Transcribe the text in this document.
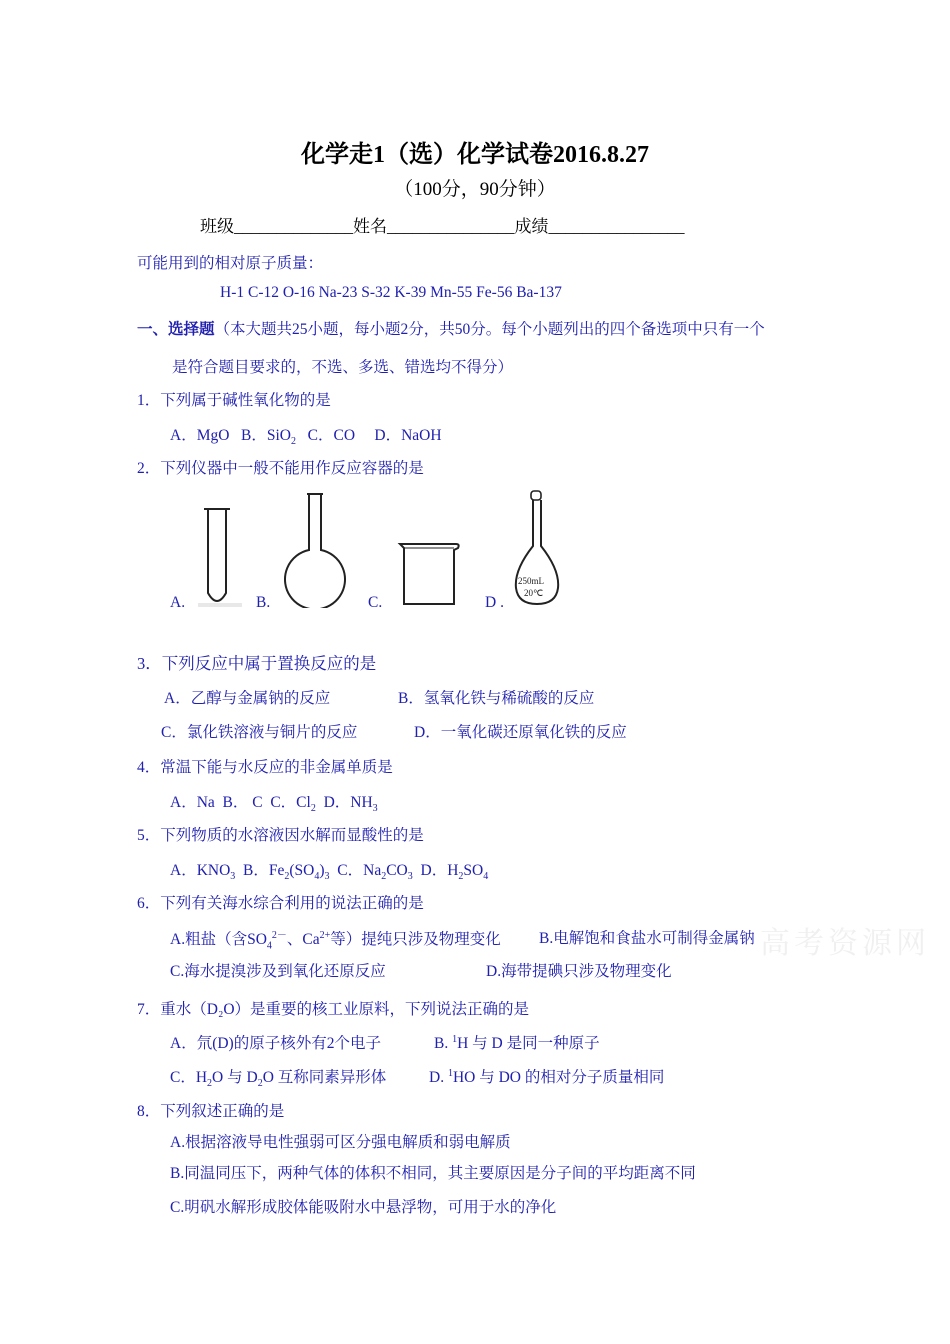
化学走1（选）化学试卷2016.8.27
（100分，90分钟）
班级______________姓名_______________成绩________________
可能用到的相对原子质量：
H-1 C-12 O-16 Na-23 S-32 K-39 Mn-55 Fe-56 Ba-137
一、选择题（本大题共25小题，每小题2分，共50分。每个小题列出的四个备选项中只有一个
是符合题目要求的，不选、多选、错选均不得分）
1．下列属于碱性氧化物的是
A．MgO   B．SiO$_2$   C．CO     D．NaOH
2．下列仪器中一般不能用作反应容器的是
A.	B.	C.	D .
250mL
20℃
3．下列反应中属于置换反应的是
A．乙醇与金属钠的反应	B．氢氧化铁与稀硫酸的反应
C．氯化铁溶液与铜片的反应	D．一氧化碳还原氧化铁的反应
4．常温下能与水反应的非金属单质是
A．Na  B． C  C．$Cl_2$  D．$NH_3$
5．下列物质的水溶液因水解而显酸性的是
A．$KNO_3$  B．$Fe_2(SO_4)_3$  C．$Na_2CO_3$  D．$H_2SO_4$
6．下列有关海水综合利用的说法正确的是
A.粗盐（含$SO_4^{2-}$、$Ca^{2+}$等）提纯只涉及物理变化 B.电解饱和食盐水可制得金属钠
C.海水提溴涉及到氧化还原反应	D.海带提碘只涉及物理变化
7．重水（D₂O）是重要的核工业原料，下列说法正确的是
A．氘(D)的原子核外有2个电子	B. $^1$H 与 D 是同一种原子
C．$H_2O$ 与 $D_2O$ 互称同素异形体	D. $^1$HO 与 DO 的相对分子质量相同
8．下列叙述正确的是
A.根据溶液导电性强弱可区分强电解质和弱电解质
B.同温同压下，两种气体的体积不相同，其主要原因是分子间的平均距离不同
C.明矾水解形成胶体能吸附水中悬浮物，可用于水的净化
高考资源网
